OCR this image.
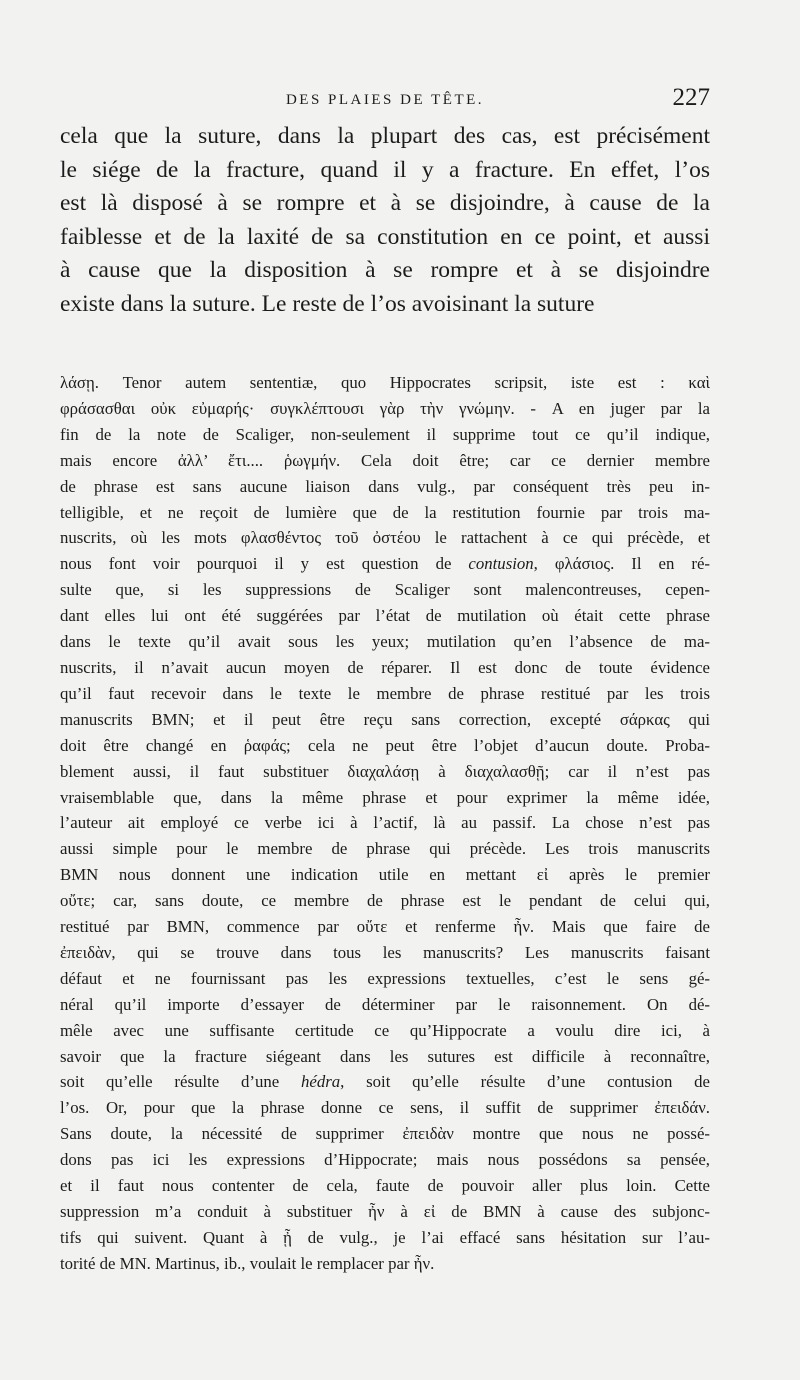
DES PLAIES DE TÊTE.	227
cela que la suture, dans la plupart des cas, est précisément
le siége de la fracture, quand il y a fracture. En effet, l’os
est là disposé à se rompre et à se disjoindre, à cause de la
faiblesse et de la laxité de sa constitution en ce point, et aussi
à cause que la disposition à se rompre et à se disjoindre
existe dans la suture. Le reste de l’os avoisinant la suture
λάσῃ. Tenor autem sententiæ, quo Hippocrates scripsit, iste est : καὶ
φράσασθαι οὐκ εὐμαρής· συγκλέπτουσι γὰρ τὴν γνώμην. - A en juger par la
fin de la note de Scaliger, non-seulement il supprime tout ce qu’il indique,
mais encore ἀλλ’ ἔτι.... ῥωγμήν. Cela doit être; car ce dernier membre
de phrase est sans aucune liaison dans vulg., par conséquent très peu in-
telligible, et ne reçoit de lumière que de la restitution fournie par trois ma-
nuscrits, où les mots φλασθέντος τοῦ ὀστέου le rattachent à ce qui précède, et
nous font voir pourquoi il y est question de contusion, φλάσιος. Il en ré-
sulte que, si les suppressions de Scaliger sont malencontreuses, cepen-
dant elles lui ont été suggérées par l’état de mutilation où était cette phrase
dans le texte qu’il avait sous les yeux; mutilation qu’en l’absence de ma-
nuscrits, il n’avait aucun moyen de réparer. Il est donc de toute évidence
qu’il faut recevoir dans le texte le membre de phrase restitué par les trois
manuscrits BMN; et il peut être reçu sans correction, excepté σάρκας qui
doit être changé en ῥαφάς; cela ne peut être l’objet d’aucun doute. Proba-
blement aussi, il faut substituer διαχαλάσῃ à διαχαλασθῇ; car il n’est pas
vraisemblable que, dans la même phrase et pour exprimer la même idée,
l’auteur ait employé ce verbe ici à l’actif, là au passif. La chose n’est pas
aussi simple pour le membre de phrase qui précède. Les trois manuscrits
BMN nous donnent une indication utile en mettant εἰ après le premier
οὔτε; car, sans doute, ce membre de phrase est le pendant de celui qui,
restitué par BMN, commence par οὔτε et renferme ἦν. Mais que faire de
ἐπειδὰν, qui se trouve dans tous les manuscrits? Les manuscrits faisant
défaut et ne fournissant pas les expressions textuelles, c’est le sens gé-
néral qu’il importe d’essayer de déterminer par le raisonnement. On dé-
mêle avec une suffisante certitude ce qu’Hippocrate a voulu dire ici, à
savoir que la fracture siégeant dans les sutures est difficile à reconnaître,
soit qu’elle résulte d’une hédra, soit qu’elle résulte d’une contusion de
l’os. Or, pour que la phrase donne ce sens, il suffit de supprimer ἐπειδάν.
Sans doute, la nécessité de supprimer ἐπειδὰν montre que nous ne possé-
dons pas ici les expressions d’Hippocrate; mais nous possédons sa pensée,
et il faut nous contenter de cela, faute de pouvoir aller plus loin. Cette
suppression m’a conduit à substituer ἦν à εἰ de BMN à cause des subjonc-
tifs qui suivent. Quant à ᾖ de vulg., je l’ai effacé sans hésitation sur l’au-
torité de MN. Martinus, ib., voulait le remplacer par ἦν.
